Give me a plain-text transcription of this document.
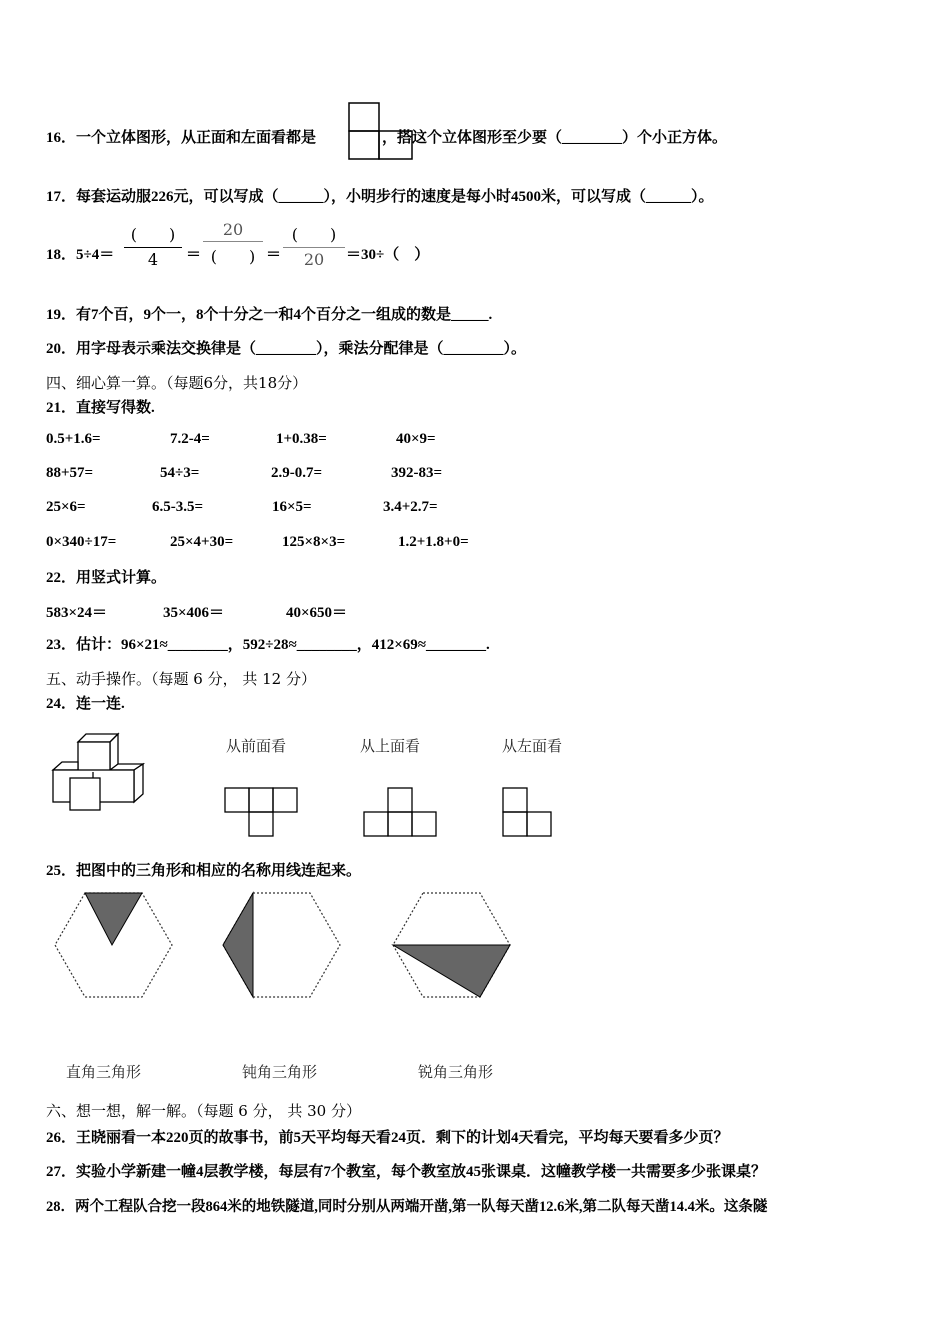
16．一个立体图形，从正面和左面看都是	，搭这个立体图形至少要（________）个小正方体。
17．每套运动服226元，可以写成（______），小明步行的速度是每小时4500米，可以写成（______）。
18．5÷4＝
(　　)
4	＝
20
(　　) ＝
(　　)
20	＝30÷（　）
19．有7个百，9个一，8个十分之一和4个百分之一组成的数是_____.
20．用字母表示乘法交换律是（________），乘法分配律是（________）。
四、细心算一算。（每题6分，共18分）
21．直接写得数.
0.5+1.6=	7.2-4=	1+0.38=	40×9=
88+57=	54÷3=	2.9-0.7=	392-83=
25×6=	6.5-3.5=	16×5=	3.4+2.7=
0×340÷17=	25×4+30=	125×8×3=	1.2+1.8+0=
22．用竖式计算。
583×24＝	35×406＝	40×650＝
23．估计：96×21≈________，592÷28≈________，412×69≈________.
五、动手操作。（每题 6 分， 共 12 分）
24．连一连.
从前面看	从上面看	从左面看
25．把图中的三角形和相应的名称用线连起来。
直角三角形	钝角三角形	锐角三角形
六、想一想，解一解。（每题 6 分， 共 30 分）
26．王晓丽看一本220页的故事书，前5天平均每天看24页．剩下的计划4天看完，平均每天要看多少页？
27．实验小学新建一幢4层教学楼，每层有7个教室，每个教室放45张课桌．这幢教学楼一共需要多少张课桌？
28．两个工程队合挖一段864米的地铁隧道,同时分别从两端开凿,第一队每天凿12.6米,第二队每天凿14.4米。这条隧
